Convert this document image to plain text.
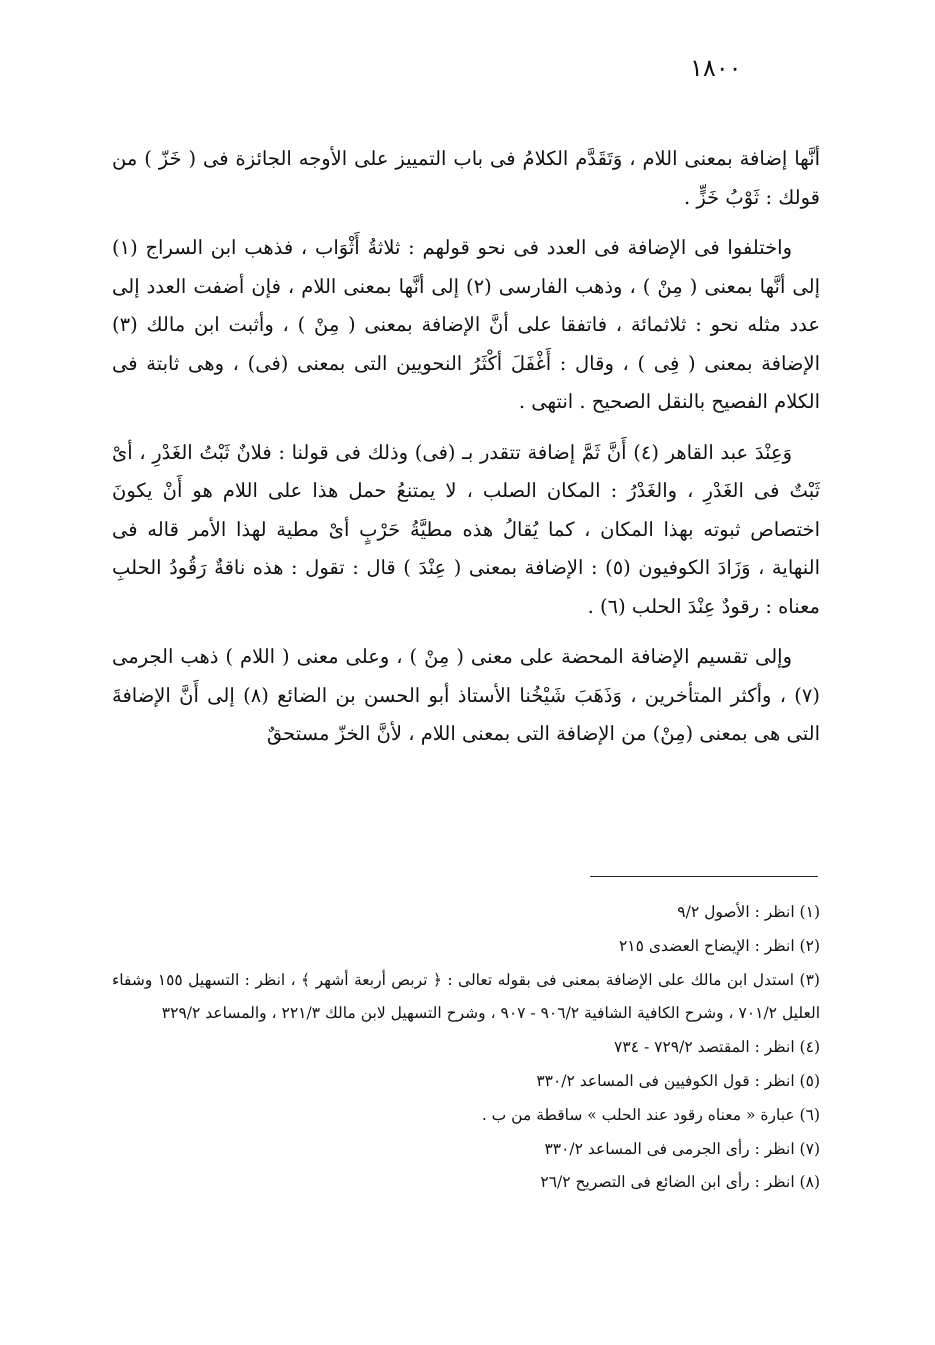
١٨٠٠

أنَّها إضافة بمعنى اللام ، وَتَقَدَّم الكلامُ فى باب التمييز على الأوجه الجائزة فى ( خَزّ ) من قولك : ثَوْبُ خَزٍّ .

واختلفوا فى الإضافة فى العدد فى نحو قولهم : ثلاثةُ أَثْوَاب ، فذهب ابن السراج (١) إلى أنَّها بمعنى ( مِنْ ) ، وذهب الفارسى (٢) إلى أنَّها بمعنى اللام ، فإن أضفت العدد إلى عدد مثله نحو : ثلاثمائة ، فاتفقا على أنَّ الإضافة بمعنى ( مِنْ ) ، وأثبت ابن مالك (٣) الإضافة بمعنى ( فِى ) ، وقال : أَغْفَلَ أكْثَرُ النحويين التى بمعنى (فى) ، وهى ثابتة فى الكلام الفصيح بالنقل الصحيح . انتهى .

وَعِنْدَ عبد القاهر (٤) أَنَّ ثَمَّ إضافة تتقدر بـ (فى) وذلك فى قولنا : فلانٌ ثَبْتُ الغَدْرِ ، أىْ ثَبْتٌ فى الغَدْرِ ، والغَدْرُ : المكان الصلب ، لا يمتنعُ حمل هذا على اللام هو أَنْ يكونَ اختصاص ثبوته بهذا المكان ، كما يُقالُ هذه مطيَّةُ حَرْبٍ أىْ مطية لهذا الأمر قاله فى النهاية ، وَزَادَ الكوفيون (٥) : الإضافة بمعنى ( عِنْدَ ) قال : تقول : هذه ناقةٌ رَقُودُ الحلبِ معناه : رقودٌ عِنْدَ الحلب (٦) .

وإلى تقسيم الإضافة المحضة على معنى ( مِنْ ) ، وعلى معنى ( اللام ) ذهب الجرمى (٧) ، وأكثر المتأخرين ، وَذَهَبَ شَيْخُنا الأستاذ أبو الحسن بن الضائع (٨) إلى أَنَّ الإضافةَ التى هى بمعنى (مِنْ) من الإضافة التى بمعنى اللام ، لأنَّ الخزّ مستحقٌ

(١) انظر : الأصول ٩/٢

(٢) انظر : الإيضاح العضدى ٢١٥

(٣) استدل ابن مالك على الإضافة بمعنى فى بقوله تعالى : ﴿ تربص أربعة أشهر ﴾ ، انظر : التسهيل ١٥٥ وشفاء العليل ٧٠١/٢ ، وشرح الكافية الشافية ٩٠٦/٢ - ٩٠٧ ، وشرح التسهيل لابن مالك ٢٢١/٣ ، والمساعد ٣٢٩/٢

(٤) انظر : المقتصد ٧٢٩/٢ - ٧٣٤

(٥) انظر : قول الكوفيين فى المساعد ٣٣٠/٢

(٦) عبارة « معناه رقود عند الحلب » ساقطة من ب .

(٧) انظر : رأى الجرمى فى المساعد ٣٣٠/٢

(٨) انظر : رأى ابن الضائع فى التصريح ٢٦/٢
